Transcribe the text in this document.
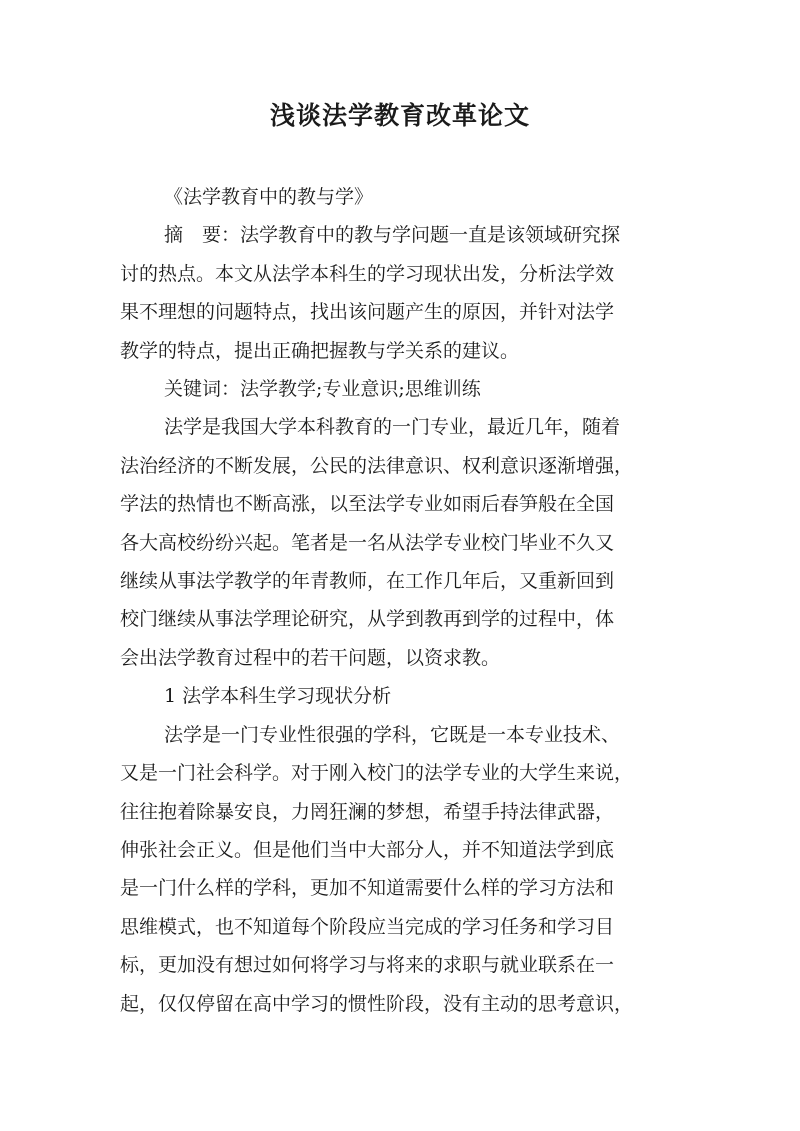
浅谈法学教育改革论文
《法学教育中的教与学》
摘　要：法学教育中的教与学问题一直是该领域研究探
讨的热点。本文从法学本科生的学习现状出发，分析法学效
果不理想的问题特点，找出该问题产生的原因，并针对法学
教学的特点，提出正确把握教与学关系的建议。
关键词：法学教学;专业意识;思维训练
法学是我国大学本科教育的一门专业，最近几年，随着
法治经济的不断发展，公民的法律意识、权利意识逐渐增强，
学法的热情也不断高涨，以至法学专业如雨后春笋般在全国
各大高校纷纷兴起。笔者是一名从法学专业校门毕业不久又
继续从事法学教学的年青教师，在工作几年后，又重新回到
校门继续从事法学理论研究，从学到教再到学的过程中，体
会出法学教育过程中的若干问题，以资求教。
1 法学本科生学习现状分析
法学是一门专业性很强的学科，它既是一本专业技术、
又是一门社会科学。对于刚入校门的法学专业的大学生来说，
往往抱着除暴安良，力罔狂澜的梦想，希望手持法律武器，
伸张社会正义。但是他们当中大部分人，并不知道法学到底
是一门什么样的学科，更加不知道需要什么样的学习方法和
思维模式，也不知道每个阶段应当完成的学习任务和学习目
标，更加没有想过如何将学习与将来的求职与就业联系在一
起，仅仅停留在高中学习的惯性阶段，没有主动的思考意识，
